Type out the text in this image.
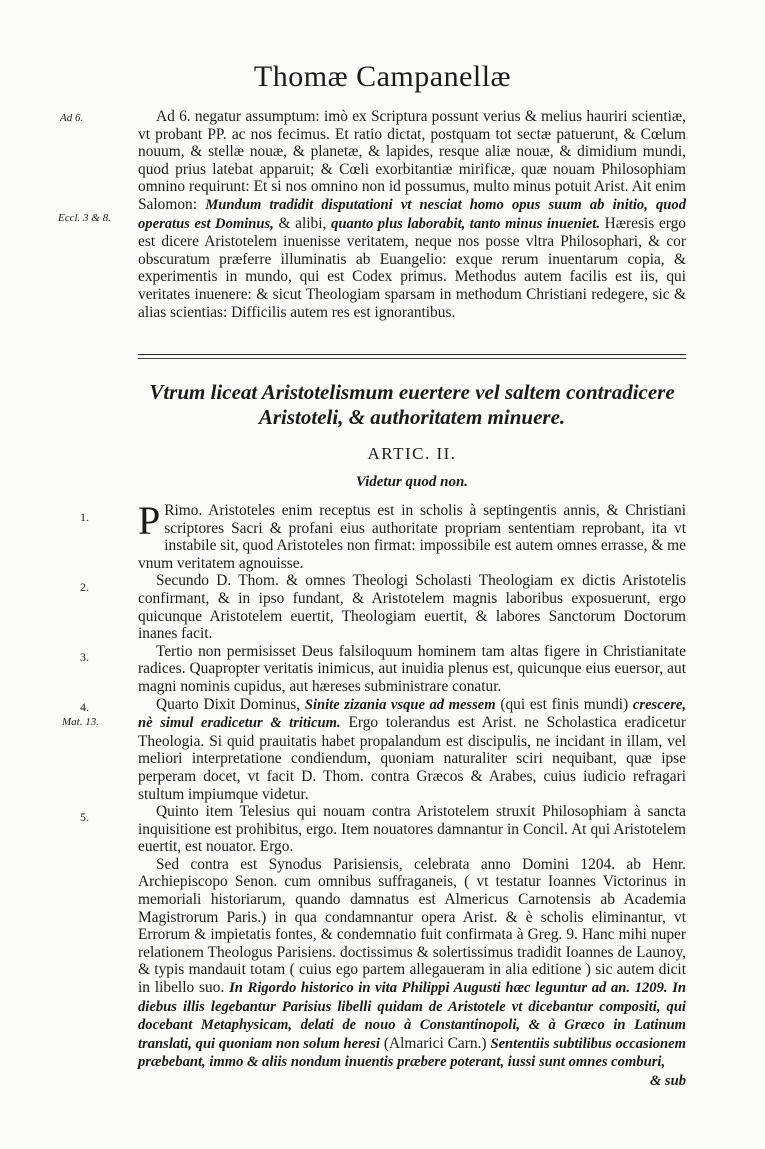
Thomæ Campanellæ
Ad 6.
Eccl. 3 & 8.
1.
2.
3.
4.
Mat. 13.
5.

Ad 6. negatur assumptum: imò ex Scriptura possunt verius & melius hauriri scientiæ, vt probant PP. ac nos fecimus. Et ratio dictat, postquam tot sectæ patuerunt, & Cœlum nouum, & stellæ nouæ, & planetæ, & lapides, resque aliæ nouæ, & dimidium mundi, quod prius latebat apparuit; & Cœli exorbitantiæ mirificæ, quæ nouam Philosophiam omnino requirunt: Et si nos omnino non id possumus, multo minus potuit Arist. Ait enim Salomon: Mundum tradidit disputationi vt nesciat homo opus suum ab initio, quod operatus est Dominus, & alibi, quanto plus laborabit, tanto minus inueniet. Hæresis ergo est dicere Aristotelem inuenisse veritatem, neque nos posse vltra Philosophari, & cor obscuratum præferre illuminatis ab Euangelio: exque rerum inuentarum copia, & experimentis in mundo, qui est Codex primus. Methodus autem facilis est iis, qui veritates inuenere: & sicut Theologiam sparsam in methodum Christiani redegere, sic & alias scientias: Difficilis autem res est ignorantibus.

Vtrum liceat Aristotelismum euertere vel saltem contradicere
Aristoteli, & authoritatem minuere.
ARTIC. II.
Videtur quod non.

P Rimo. Aristoteles enim receptus est in scholis à septingentis annis, & Christiani scriptores Sacri & profani eius authoritate propriam sententiam reprobant, ita vt instabile sit, quod Aristoteles non firmat: impossibile est autem omnes errasse, & me vnum veritatem agnouisse.

Secundo D. Thom. & omnes Theologi Scholasti Theologiam ex dictis Aristotelis confirmant, & in ipso fundant, & Aristotelem magnis laboribus exposuerunt, ergo quicunque Aristotelem euertit, Theologiam euertit, & labores Sanctorum Doctorum inanes facit.

Tertio non permisisset Deus falsiloquum hominem tam altas figere in Christianitate radices. Quapropter veritatis inimicus, aut inuidia plenus est, quicunque eius euersor, aut magni nominis cupidus, aut hæreses subministrare conatur.

Quarto Dixit Dominus, Sinite zizania vsque ad messem (qui est finis mundi) crescere, nè simul eradicetur & triticum. Ergo tolerandus est Arist. ne Scholastica eradicetur Theologia. Si quid prauitatis habet propalandum est discipulis, ne incidant in illam, vel meliori interpretatione condiendum, quoniam naturaliter sciri nequibant, quæ ipse perperam docet, vt facit D. Thom. contra Græcos & Arabes, cuius iudicio refragari stultum impiumque videtur.

Quinto item Telesius qui nouam contra Aristotelem struxit Philosophiam à sancta inquisitione est prohibitus, ergo. Item nouatores damnantur in Concil. At qui Aristotelem euertit, est nouator. Ergo.

Sed contra est Synodus Parisiensis, celebrata anno Domini 1204. ab Henr. Archiepiscopo Senon. cum omnibus suffraganeis, ( vt testatur Ioannes Victorinus in memoriali historiarum, quando damnatus est Almericus Carnotensis ab Academia Magistrorum Paris.) in qua condamnantur opera Arist. & è scholis eliminantur, vt Errorum & impietatis fontes, & condemnatio fuit confirmata à Greg. 9. Hanc mihi nuper relationem Theologus Parisiens. doctissimus & solertissimus tradidit Ioannes de Launoy, & typis mandauit totam ( cuius ego partem allegaueram in alia editione ) sic autem dicit in libello suo. In Rigordo historico in vita Philippi Augusti hæc leguntur ad an. 1209. In diebus illis legebantur Parisius libelli quidam de Aristotele vt dicebantur compositi, qui docebant Metaphysicam, delati de nouo à Constantinopoli, & à Græco in Latinum translati, qui quoniam non solum heresi (Almarici Carn.) Sententiis subtilibus occasionem præbebant, immo & aliis nondum inuentis præbere poterant, iussi sunt omnes comburi,

& sub
